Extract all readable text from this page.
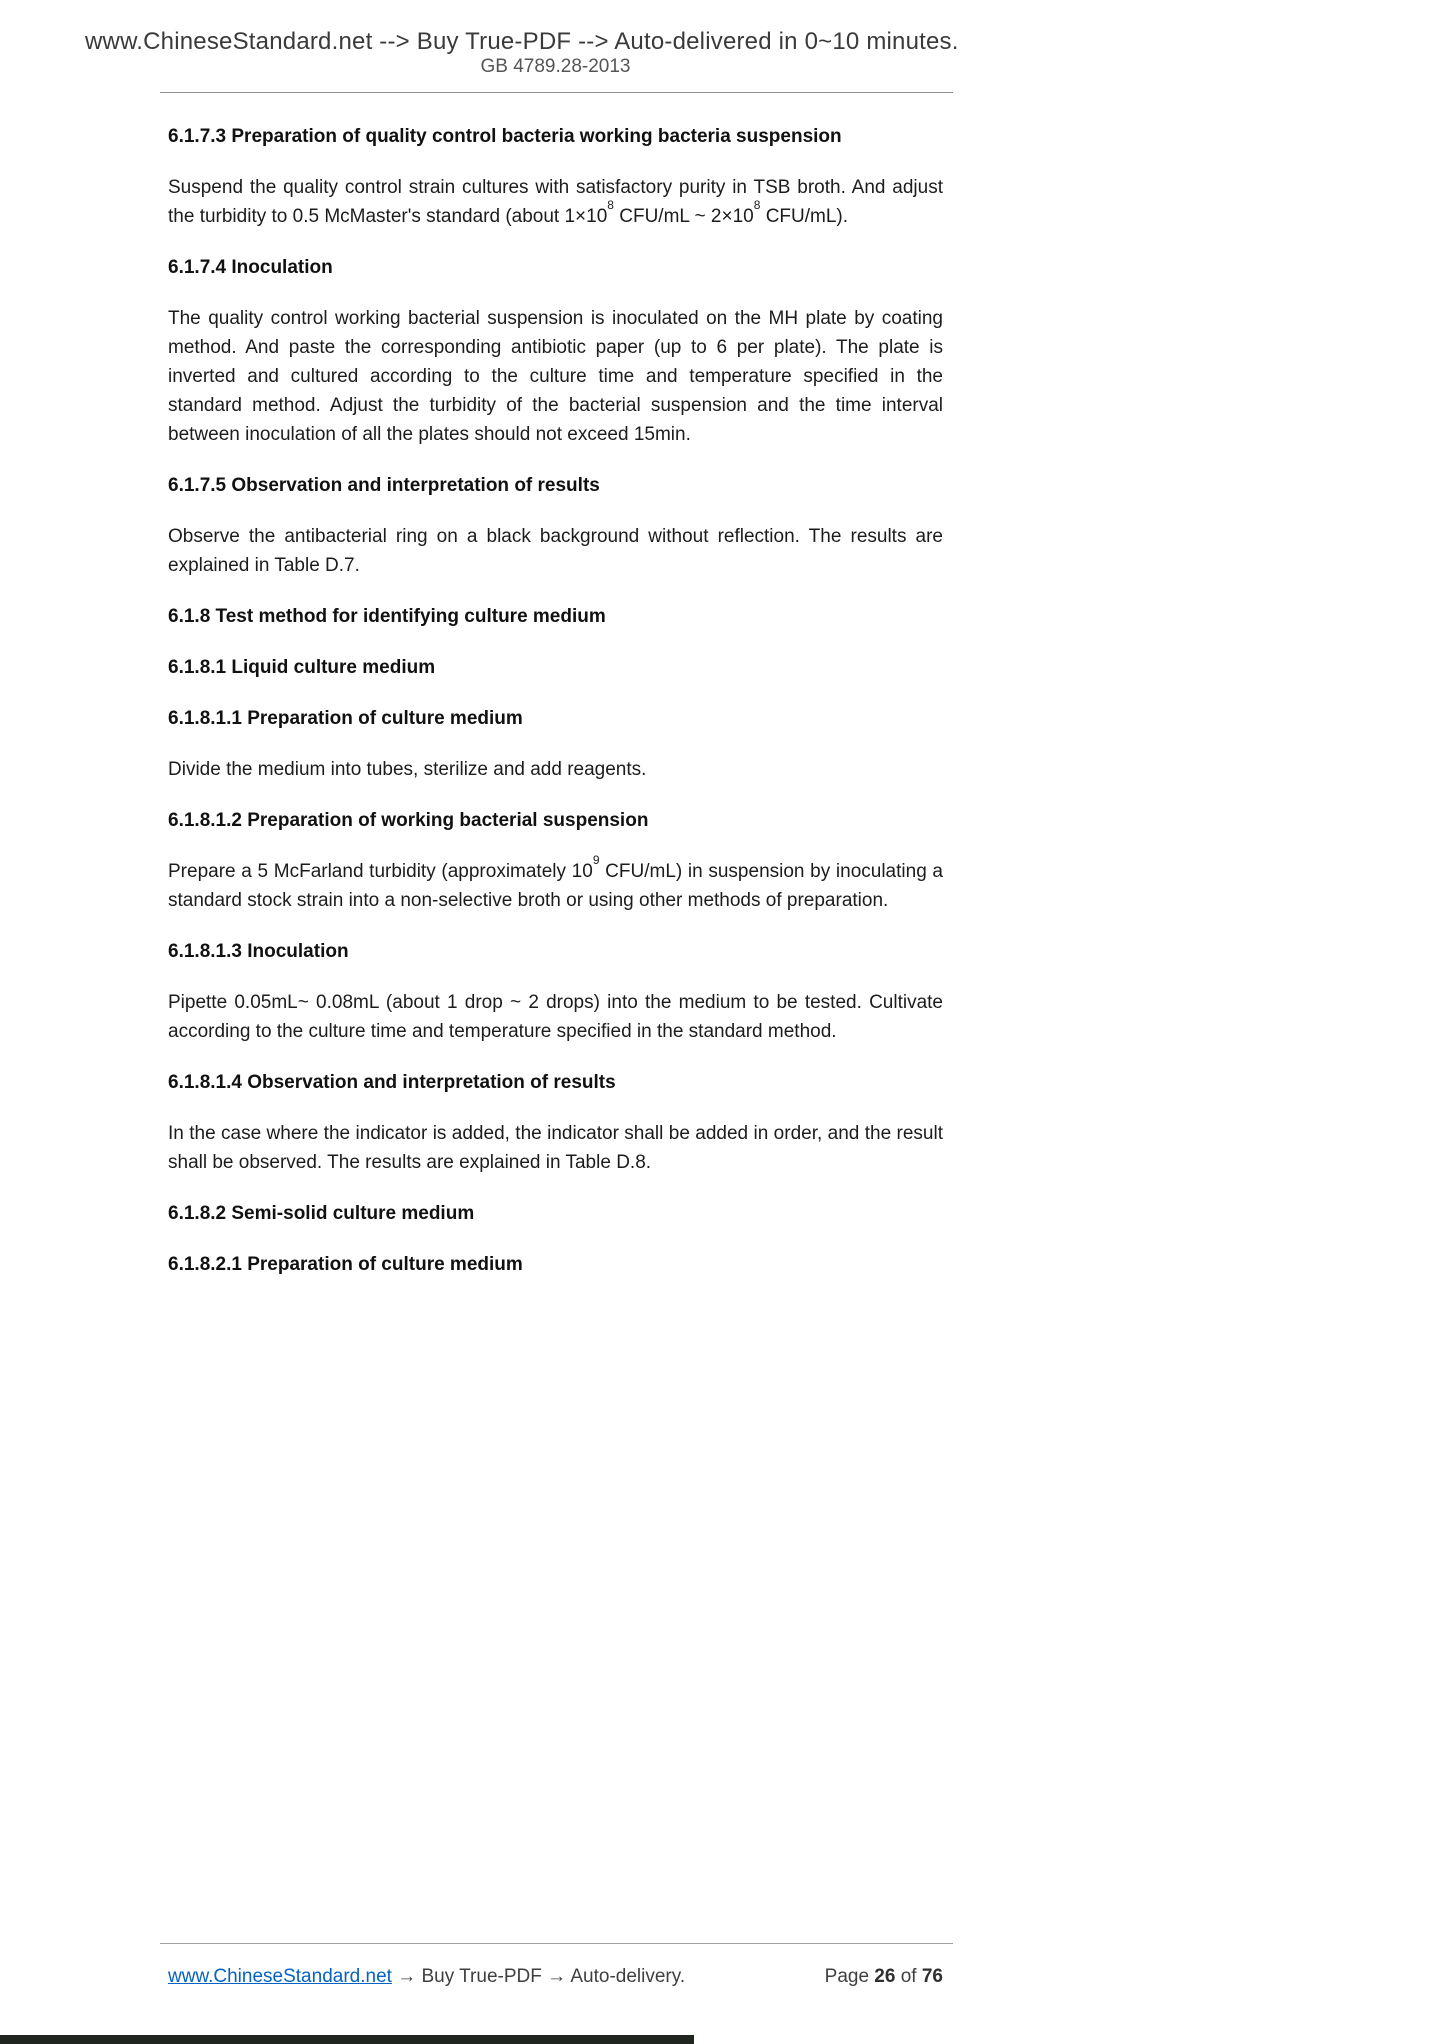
www.ChineseStandard.net --> Buy True-PDF --> Auto-delivered in 0~10 minutes.
GB 4789.28-2013
6.1.7.3 Preparation of quality control bacteria working bacteria suspension

Suspend the quality control strain cultures with satisfactory purity in TSB broth. And adjust the turbidity to 0.5 McMaster's standard (about $1\times 10^8$ CFU/mL ~ $2\times 10^8$ CFU/mL).

6.1.7.4 Inoculation

The quality control working bacterial suspension is inoculated on the MH plate by coating method. And paste the corresponding antibiotic paper (up to 6 per plate). The plate is inverted and cultured according to the culture time and temperature specified in the standard method. Adjust the turbidity of the bacterial suspension and the time interval between inoculation of all the plates should not exceed 15min.

6.1.7.5 Observation and interpretation of results

Observe the antibacterial ring on a black background without reflection. The results are explained in Table D.7.

6.1.8 Test method for identifying culture medium
6.1.8.1 Liquid culture medium
6.1.8.1.1 Preparation of culture medium

Divide the medium into tubes, sterilize and add reagents.

6.1.8.1.2 Preparation of working bacterial suspension

Prepare a 5 McFarland turbidity (approximately $10^9$ CFU/mL) in suspension by inoculating a standard stock strain into a non-selective broth or using other methods of preparation.

6.1.8.1.3 Inoculation

Pipette 0.05mL~ 0.08mL (about 1 drop ~ 2 drops) into the medium to be tested. Cultivate according to the culture time and temperature specified in the standard method.

6.1.8.1.4 Observation and interpretation of results

In the case where the indicator is added, the indicator shall be added in order, and the result shall be observed. The results are explained in Table D.8.

6.1.8.2 Semi-solid culture medium
6.1.8.2.1 Preparation of culture medium
www.ChineseStandard.net → Buy True-PDF → Auto-delivery.	Page 26 of 76
